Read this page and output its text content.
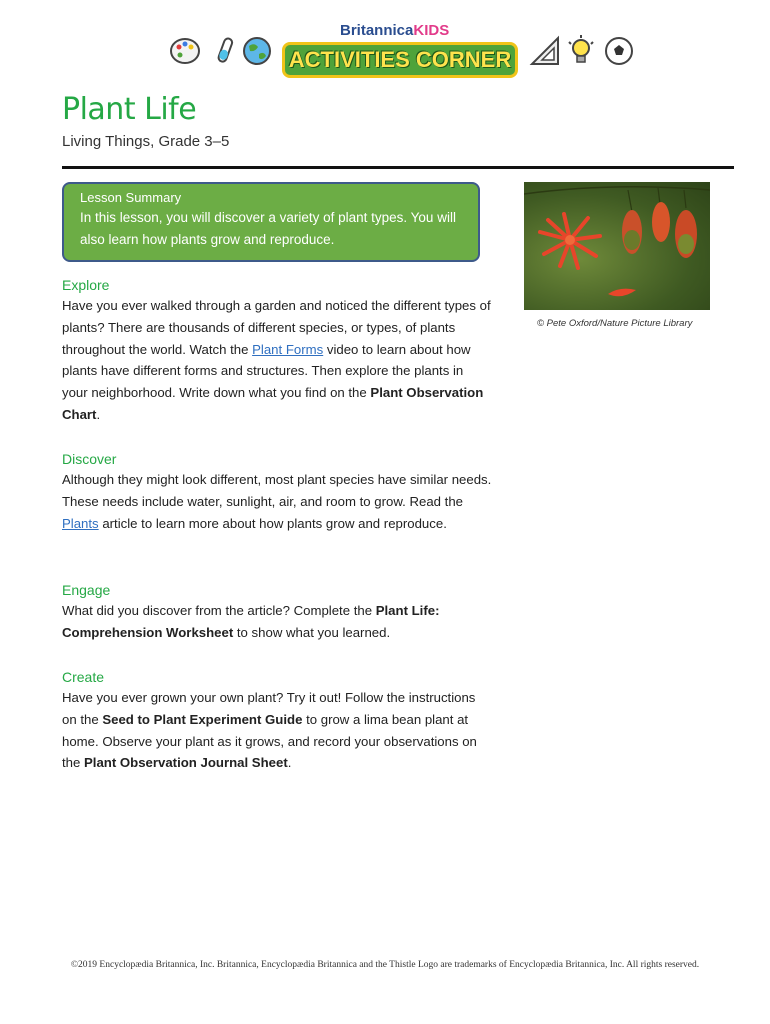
BritannicaKIDS
ACTIVITIES CORNER
Plant Life
Living Things, Grade 3–5
Lesson Summary
In this lesson, you will discover a variety of plant types. You will also learn how plants grow and reproduce.
© Pete Oxford/Nature Picture Library
Explore
Have you ever walked through a garden and noticed the different types of plants? There are thousands of different species, or types, of plants throughout the world. Watch the Plant Forms video to learn about how plants have different forms and structures. Then explore the plants in your neighborhood. Write down what you find on the Plant Observation Chart.
Discover
Although they might look different, most plant species have similar needs. These needs include water, sunlight, air, and room to grow. Read the Plants article to learn more about how plants grow and reproduce.
Engage
What did you discover from the article? Complete the Plant Life: Comprehension Worksheet to show what you learned.
Create
Have you ever grown your own plant? Try it out! Follow the instructions on the Seed to Plant Experiment Guide to grow a lima bean plant at home. Observe your plant as it grows, and record your observations on the Plant Observation Journal Sheet.
©2019 Encyclopædia Britannica, Inc. Britannica, Encyclopædia Britannica and the Thistle Logo are trademarks of Encyclopædia Britannica, Inc. All rights reserved.
